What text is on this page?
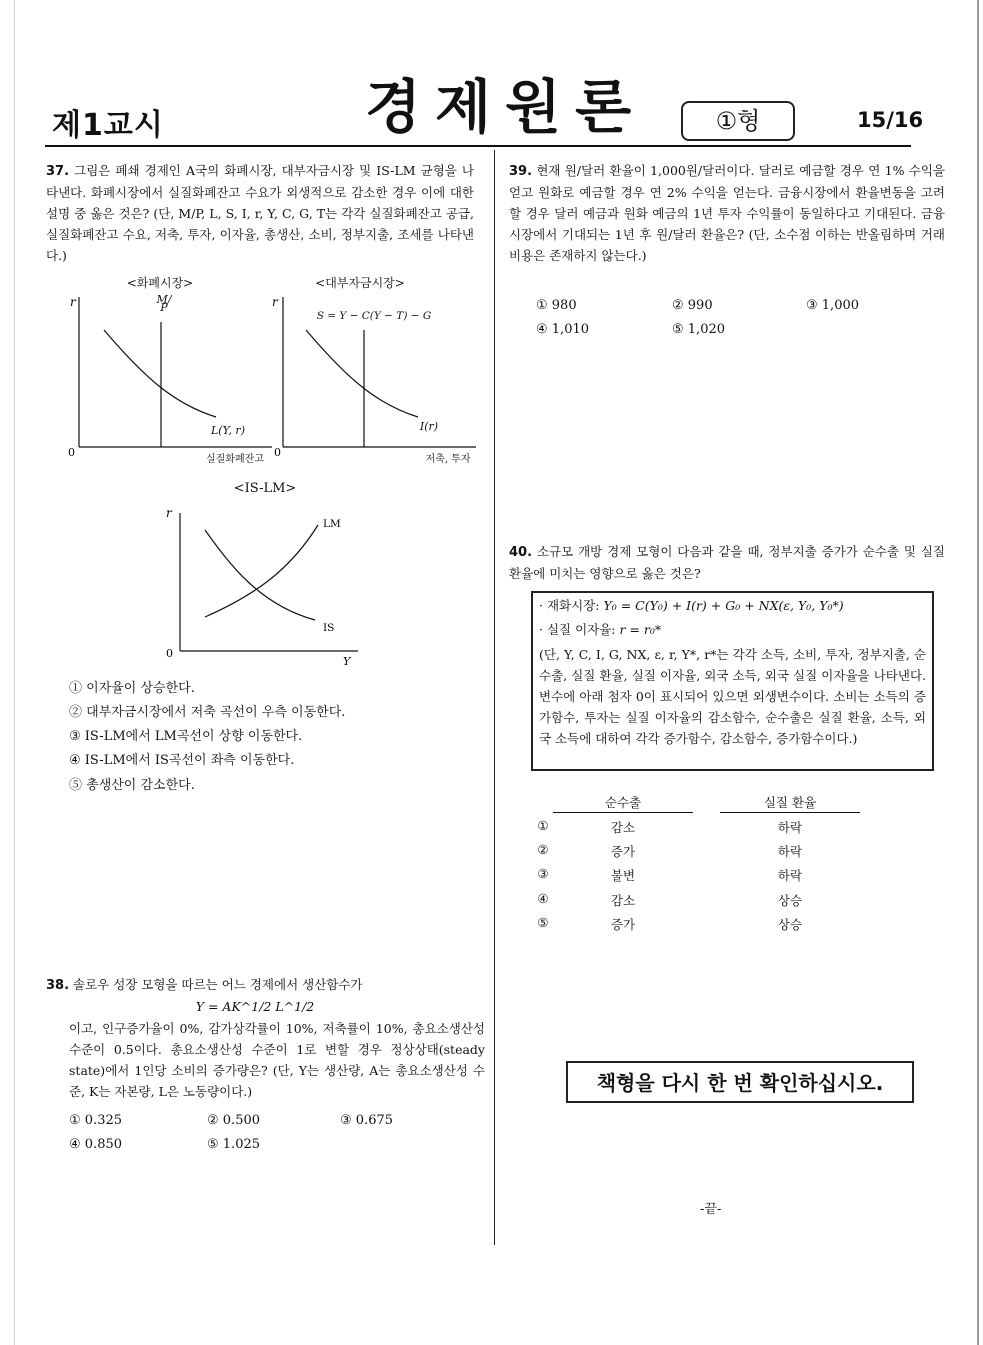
제1교시	경제원론	①형	15/16
37. 그림은 폐쇄 경제인 A국의 화폐시장, 대부자금시장 및 IS-LM 균형을 나타낸다. 화폐시장에서 실질화폐잔고 수요가 외생적으로 감소한 경우 이에 대한 설명 중 옳은 것은? (단, M/P, L, S, I, r, Y, C, G, T는 각각 실질화폐잔고 공급, 실질화폐잔고 수요, 저축, 투자, 이자율, 총생산, 소비, 정부지출, 조세를 나타낸다.)
<화폐시장>
r
0
M/P
L(Y, r)
실질화폐잔고
<대부자금시장>
r
0
S = Y − C(Y − T) − G
I(r)
저축, 투자
<IS-LM>
r
0
LM
IS
Y
① 이자율이 상승한다.
② 대부자금시장에서 저축 곡선이 우측 이동한다.
③ IS-LM에서 LM곡선이 상향 이동한다.
④ IS-LM에서 IS곡선이 좌측 이동한다.
⑤ 총생산이 감소한다.
38. 솔로우 성장 모형을 따르는 어느 경제에서 생산함수가
Y = AK^1/2 L^1/2
이고, 인구증가율이 0%, 감가상각률이 10%, 저축률이 10%, 총요소생산성 수준이 0.5이다. 총요소생산성 수준이 1로 변할 경우 정상상태(steady state)에서 1인당 소비의 증가량은? (단, Y는 생산량, A는 총요소생산성 수준, K는 자본량, L은 노동량이다.)
① 0.325	② 0.500	③ 0.675
④ 0.850	⑤ 1.025
39. 현재 원/달러 환율이 1,000원/달러이다. 달러로 예금할 경우 연 1% 수익을 얻고 원화로 예금할 경우 연 2% 수익을 얻는다. 금융시장에서 환율변동을 고려할 경우 달러 예금과 원화 예금의 1년 투자 수익률이 동일하다고 기대된다. 금융시장에서 기대되는 1년 후 원/달러 환율은? (단, 소수점 이하는 반올림하며 거래비용은 존재하지 않는다.)
① 980	② 990	③ 1,000
④ 1,010	⑤ 1,020
40. 소규모 개방 경제 모형이 다음과 같을 때, 정부지출 증가가 순수출 및 실질 환율에 미치는 영향으로 옳은 것은?
· 재화시장: Y₀ = C(Y₀) + I(r) + G₀ + NX(ε, Y₀, Y₀*)
· 실질 이자율: r = r₀*
(단, Y, C, I, G, NX, ε, r, Y*, r*는 각각 소득, 소비, 투자, 정부지출, 순수출, 실질 환율, 실질 이자율, 외국 소득, 외국 실질 이자율을 나타낸다. 변수에 아래 첨자 0이 표시되어 있으면 외생변수이다. 소비는 소득의 증가함수, 투자는 실질 이자율의 감소함수, 순수출은 실질 환율, 소득, 외국 소득에 대하여 각각 증가함수, 감소함수, 증가함수이다.)
순수출	실질 환율
①	감소	하락
②	증가	하락
③	불변	하락
④	감소	상승
⑤	증가	상승
책형을 다시 한 번 확인하십시오.
-끝-
